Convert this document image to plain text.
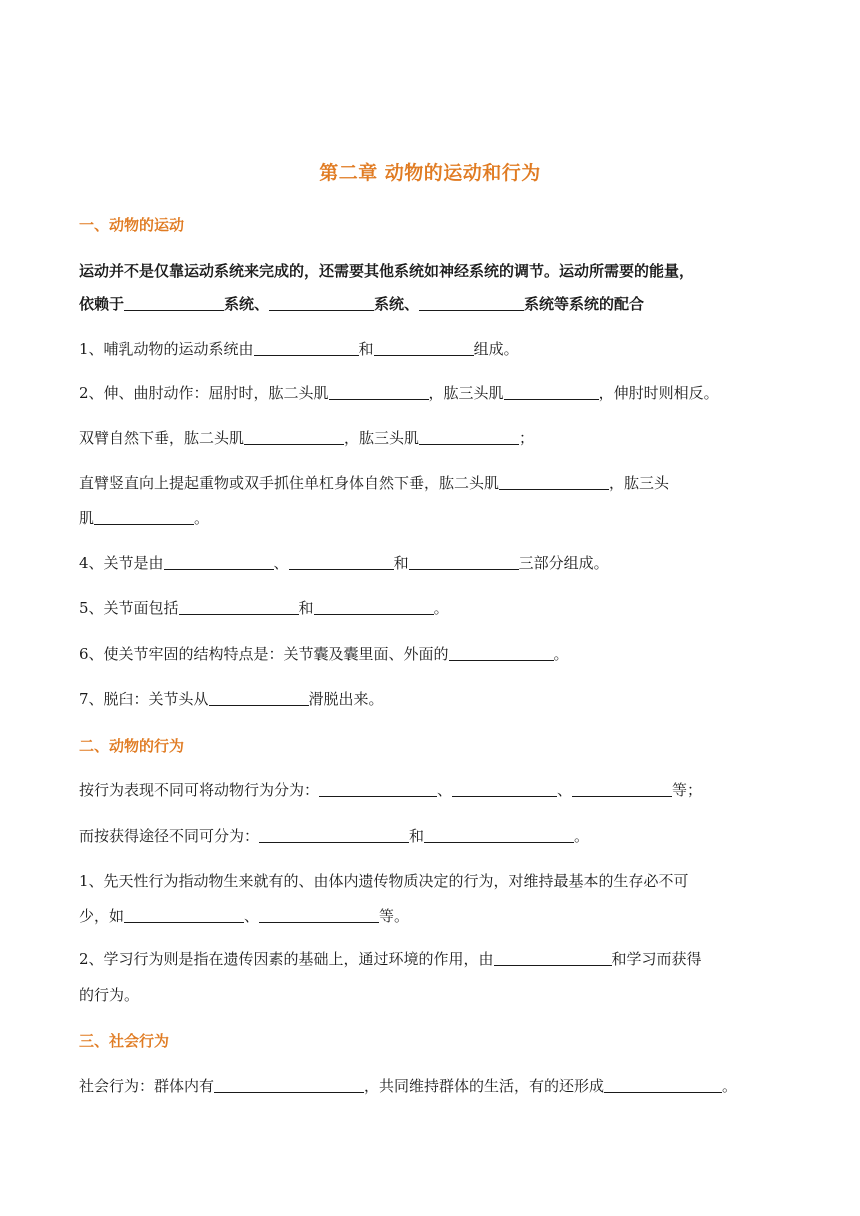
第二章 动物的运动和行为
一、动物的运动
运动并不是仅靠运动系统来完成的，还需要其他系统如神经系统的调节。运动所需要的能量，
依赖于	系统、	系统、	系统等系统的配合
1、哺乳动物的运动系统由	和	组成。
2、伸、曲肘动作：屈肘时，肱二头肌	，肱三头肌	，伸肘时则相反。
双臂自然下垂，肱二头肌	，肱三头肌	；
直臂竖直向上提起重物或双手抓住单杠身体自然下垂，肱二头肌	，肱三头
肌	。
4、关节是由	、	和	三部分组成。
5、关节面包括	和	。
6、使关节牢固的结构特点是：关节囊及囊里面、外面的	。
7、脱臼：关节头从	滑脱出来。
二、动物的行为
按行为表现不同可将动物行为分为：	、	、	等；
而按获得途径不同可分为：	和	。
1、先天性行为指动物生来就有的、由体内遗传物质决定的行为，对维持最基本的生存必不可
少，如	、	等。
2、学习行为则是指在遗传因素的基础上，通过环境的作用，由	和学习而获得
的行为。
三、社会行为
社会行为：群体内有	，共同维持群体的生活，有的还形成	。
